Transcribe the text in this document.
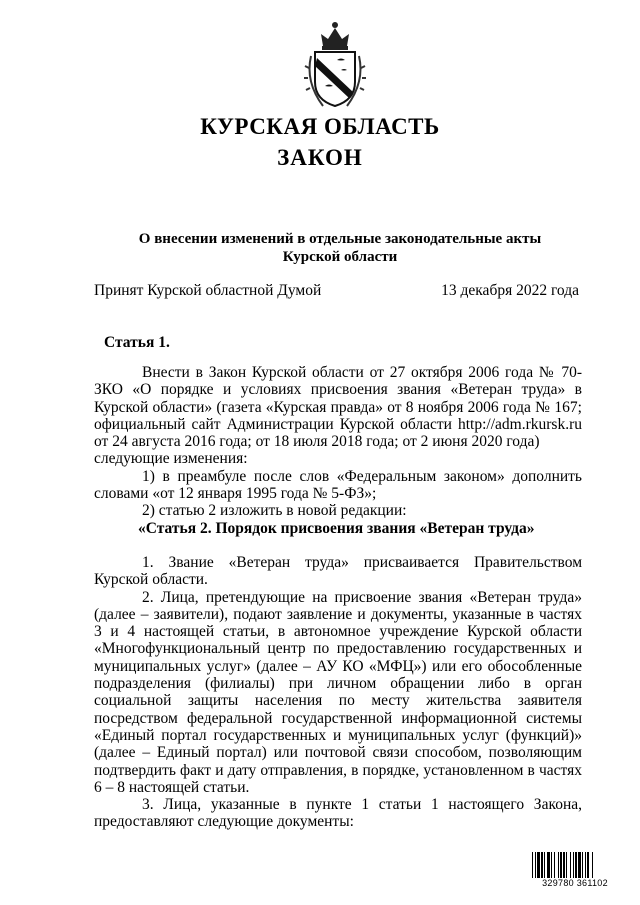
КУРСКАЯ ОБЛАСТЬ
ЗАКОН
О внесении изменений в отдельные законодательные акты
Курской области
Принят Курской областной Думой	13 декабря 2022 года
Статья 1.

Внести в Закон Курской области от 27 октября 2006 года № 70-ЗКО «О порядке и условиях присвоения звания «Ветеран труда» в Курской области» (газета «Курская правда» от 8 ноября 2006 года № 167; официальный сайт Администрации Курской области http://adm.rkursk.ru от 24 августа 2016 года; от 18 июля 2018 года; от 2 июня 2020 года)

следующие изменения:

1) в преамбуле после слов «Федеральным законом» дополнить словами «от 12 января 1995 года № 5-ФЗ»;

2) статью 2 изложить в новой редакции:

«Статья 2. Порядок присвоения звания «Ветеран труда»

1. Звание «Ветеран труда» присваивается Правительством Курской области.

2. Лица, претендующие на присвоение звания «Ветеран труда» (далее – заявители), подают заявление и документы, указанные в частях 3 и 4 настоящей статьи, в автономное учреждение Курской области «Многофункциональный центр по предоставлению государственных и муниципальных услуг» (далее – АУ КО «МФЦ») или его обособленные подразделения (филиалы) при личном обращении либо в орган социальной защиты населения по месту жительства заявителя посредством федеральной государственной информационной системы «Единый портал государственных и муниципальных услуг (функций)» (далее – Единый портал) или почтовой связи способом, позволяющим подтвердить факт и дату отправления, в порядке, установленном в частях 6 – 8 настоящей статьи.

3. Лица, указанные в пункте 1 статьи 1 настоящего Закона, предоставляют следующие документы:

329780 361102
